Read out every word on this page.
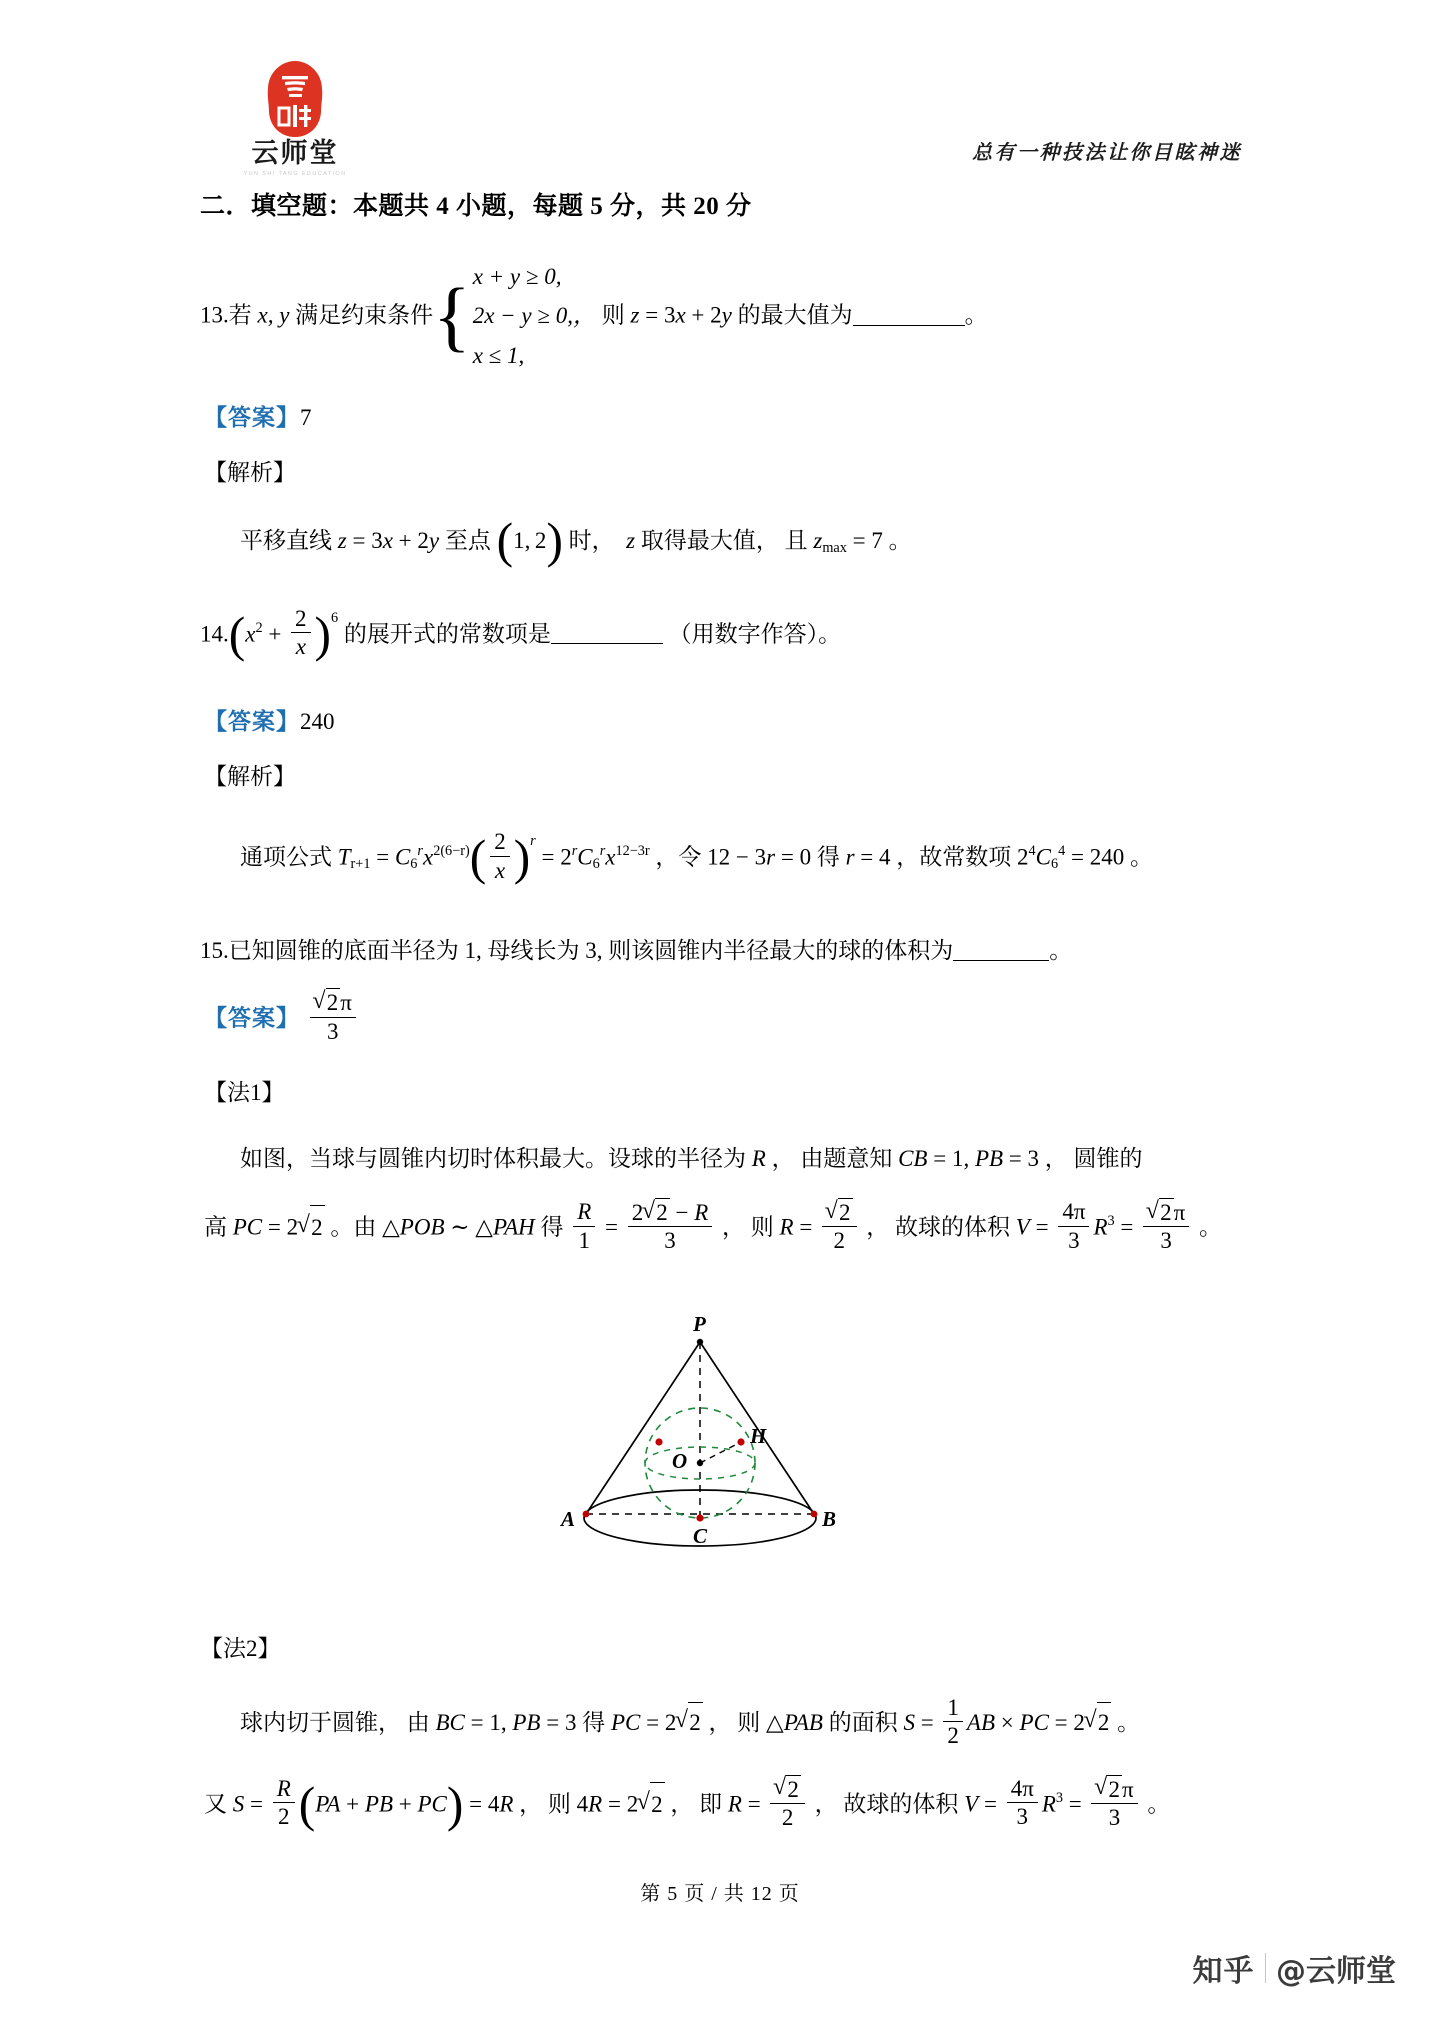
云师堂
YUN SHI TANG EDUCATION
总有一种技法让你目眩神迷
二．填空题：本题共 4 小题，每题 5 分，共 20 分
13.若 x, y 满足约束条件 { x + y ≥ 0,
2x − y ≥ 0,，
x ≤ 1,
则 z = 3x + 2y 的最大值为	。
【答案】7
【解析】
平移直线 z = 3x + 2y 至点 (1, 2) 时，  z 取得最大值， 且 $z_{max} = 7$ 。
$14.(x^2 + \frac{2}{x} )^6$ 的展开式的常数项是	（用数字作答）。
【答案】240
【解析】
通项公式 $T_{r+1} = C_6^rx^{2(6-r)}( \frac{2}{x} )^r = 2^rC_6^rx^{12-3r}$ ，令 12 − 3r = 0 得 r = 4 ，故常数项 $2^4C_6^4 = 240$ 。
15.已知圆锥的底面半径为 1, 母线长为 3, 则该圆锥内半径最大的球的体积为	。
【答案】 √ $\frac{2\pi}{3}$
【法1】
如图，当球与圆锥内切时体积最大。设球的半径为 R ， 由题意知 CB = 1, PB = 3 ， 圆锥的
高 PC = 2 √ 2 。由 △POB ∼ △PAH 得 $\frac{R}{1} = \frac{2 √ 2 - R}{3}$ ， 则 R = √ $\frac{2}{2}$ ， 故球的体积 $V = \frac{4\pi}{3} R^3$ = √ $\frac{2\pi}{3}$ 。
P
H
O
A
C
B
【法2】
球内切于圆锥， 由 BC = 1, PB = 3 得 PC = 2 √ 2 ， 则 △PAB 的面积 $S = \frac{1}{2}$ AB × PC = 2 √ 2 。
又 $S = \frac{R}{2} (PA$ + PB + PC) = 4R ， 则 4R = 2 √ 2 ， 即 R = √ $\frac{2}{2}$ ， 故球的体积 $V = \frac{4\pi}{3} R^3$ = √ $\frac{2\pi}{3}$ 。
第 5 页 / 共 12 页
知乎 @云师堂
